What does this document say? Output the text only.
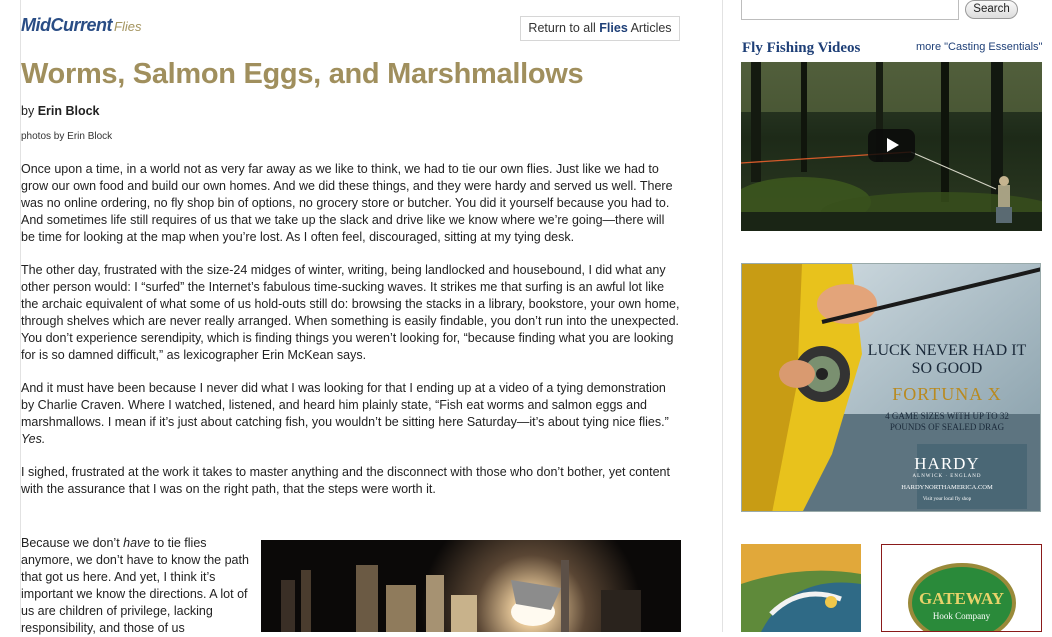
MidCurrent Flies	Return to all Flies Articles
Worms, Salmon Eggs, and Marshmallows
by Erin Block
photos by Erin Block

Once upon a time, in a world not as very far away as we like to think, we had to tie our own flies. Just like we had to grow our own food and build our own homes. And we did these things, and they were hardy and served us well. There was no online ordering, no fly shop bin of options, no grocery store or butcher. You did it yourself because you had to. And sometimes life still requires of us that we take up the slack and drive like we know where we’re going—there will be time for looking at the map when you’re lost. As I often feel, discouraged, sitting at my tying desk.

The other day, frustrated with the size-24 midges of winter, writing, being landlocked and housebound, I did what any other person would: I “surfed” the Internet’s fabulous time-sucking waves. It strikes me that surfing is an awful lot like the archaic equivalent of what some of us hold-outs still do: browsing the stacks in a library, bookstore, your own home, through shelves which are never really arranged. When something is easily findable, you don’t run into the unexpected. You don’t experience serendipity, which is finding things you weren’t looking for, “because finding what you are looking for is so damned difficult,” as lexicographer Erin McKean says.

And it must have been because I never did what I was looking for that I ending up at a video of a tying demonstration by Charlie Craven. Where I watched, listened, and heard him plainly state, “Fish eat worms and salmon eggs and marshmallows. I mean if it’s just about catching fish, you wouldn’t be sitting here Saturday—it’s about tying nice flies.” Yes.

I sighed, frustrated at the work it takes to master anything and the disconnect with those who don’t bother, yet content with the assurance that I was on the right path, that the steps were worth it.

Because we don’t have to tie flies anymore, we don’t have to know the path that got us here. And yet, I think it’s important we know the directions. A lot of us are children of privilege, lacking responsibility, and those of us
Search
Fly Fishing Videos	more "Casting Essentials"
LUCK NEVER HAD IT SO GOOD
FORTUNA X
4 GAME SIZES WITH UP TO 32 POUNDS OF SEALED DRAG
HARDY
ALNWICK · ENGLAND
HARDYNORTHAMERICA.COM
Visit your local fly shop
GATEWAY
Hook Company
